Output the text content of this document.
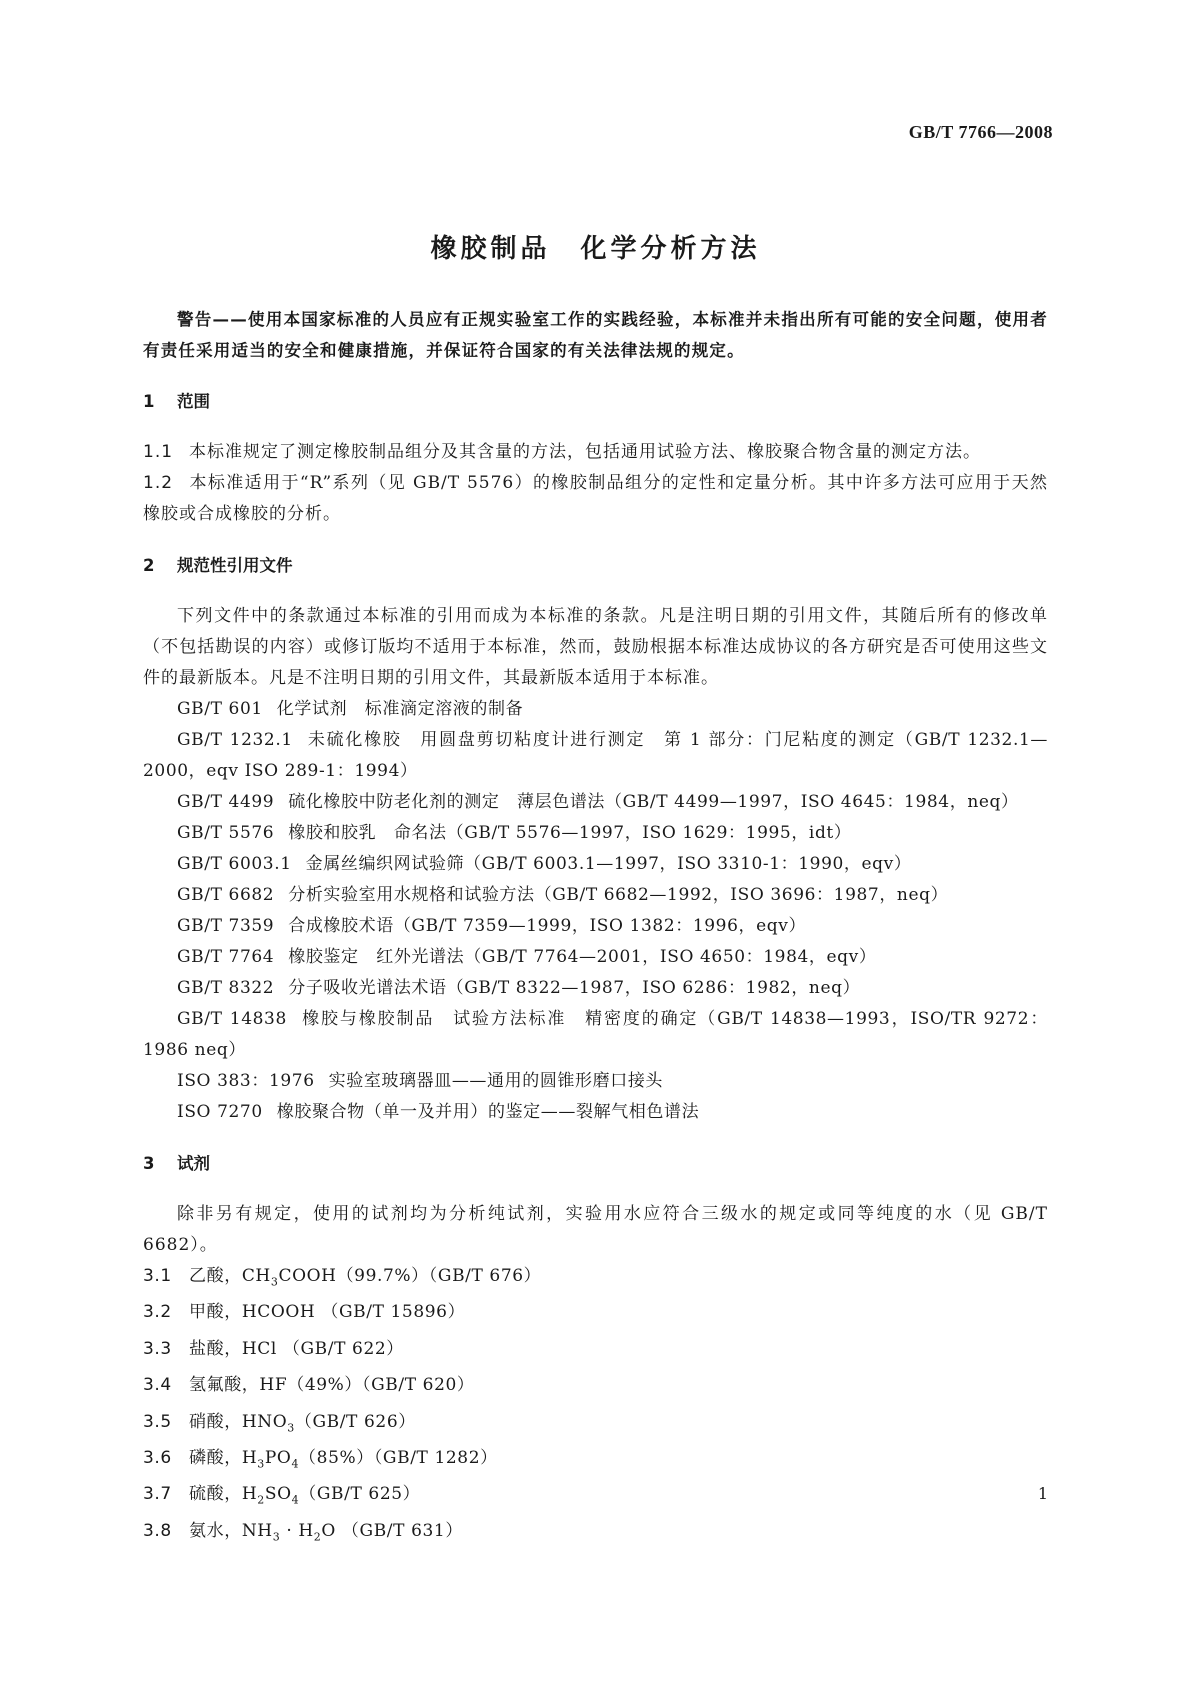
GB/T 7766—2008
橡胶制品　化学分析方法

警告——使用本国家标准的人员应有正规实验室工作的实践经验，本标准并未指出所有可能的安全问题，使用者有责任采用适当的安全和健康措施，并保证符合国家的有关法律法规的规定。

1 范围

1.1 本标准规定了测定橡胶制品组分及其含量的方法，包括通用试验方法、橡胶聚合物含量的测定方法。

1.2 本标准适用于“R”系列（见 GB/T 5576）的橡胶制品组分的定性和定量分析。其中许多方法可应用于天然橡胶或合成橡胶的分析。

2 规范性引用文件

下列文件中的条款通过本标准的引用而成为本标准的条款。凡是注明日期的引用文件，其随后所有的修改单（不包括勘误的内容）或修订版均不适用于本标准，然而，鼓励根据本标准达成协议的各方研究是否可使用这些文件的最新版本。凡是不注明日期的引用文件，其最新版本适用于本标准。

GB/T 601 化学试剂　标准滴定溶液的制备
GB/T 1232.1 未硫化橡胶　用圆盘剪切粘度计进行测定　第 1 部分：门尼粘度的测定（GB/T 1232.1—2000，eqv ISO 289-1：1994）
GB/T 4499 硫化橡胶中防老化剂的测定　薄层色谱法（GB/T 4499—1997，ISO 4645：1984，neq）
GB/T 5576 橡胶和胶乳　命名法（GB/T 5576—1997，ISO 1629：1995，idt）
GB/T 6003.1 金属丝编织网试验筛（GB/T 6003.1—1997，ISO 3310-1：1990，eqv）
GB/T 6682 分析实验室用水规格和试验方法（GB/T 6682—1992，ISO 3696：1987，neq）
GB/T 7359 合成橡胶术语（GB/T 7359—1999，ISO 1382：1996，eqv）
GB/T 7764 橡胶鉴定　红外光谱法（GB/T 7764—2001，ISO 4650：1984，eqv）
GB/T 8322 分子吸收光谱法术语（GB/T 8322—1987，ISO 6286：1982，neq）
GB/T 14838 橡胶与橡胶制品　试验方法标准　精密度的确定（GB/T 14838—1993，ISO/TR 9272：1986 neq）
ISO 383：1976 实验室玻璃器皿——通用的圆锥形磨口接头
ISO 7270 橡胶聚合物（单一及并用）的鉴定——裂解气相色谱法
3 试剂

除非另有规定，使用的试剂均为分析纯试剂，实验用水应符合三级水的规定或同等纯度的水（见 GB/T 6682）。

3.1 乙酸，$CH_3COOH(99.7\%)(GB/T$ 676）
3.2 甲酸，HCOOH （GB/T 15896）
3.3 盐酸，HCl （GB/T 622）
3.4 氢氟酸，HF（49%）（GB/T 620）
3.5 硝酸，$HNO_3(GB/T$ 626）
3.6 磷酸，$H_3PO_4(85\%)(GB/T$ 1282）
3.7 硫酸，$H_2SO_4(GB/T$ 625）
3.8 氨水，$NH_3 \cdot H_2O$ （GB/T 631）
1
